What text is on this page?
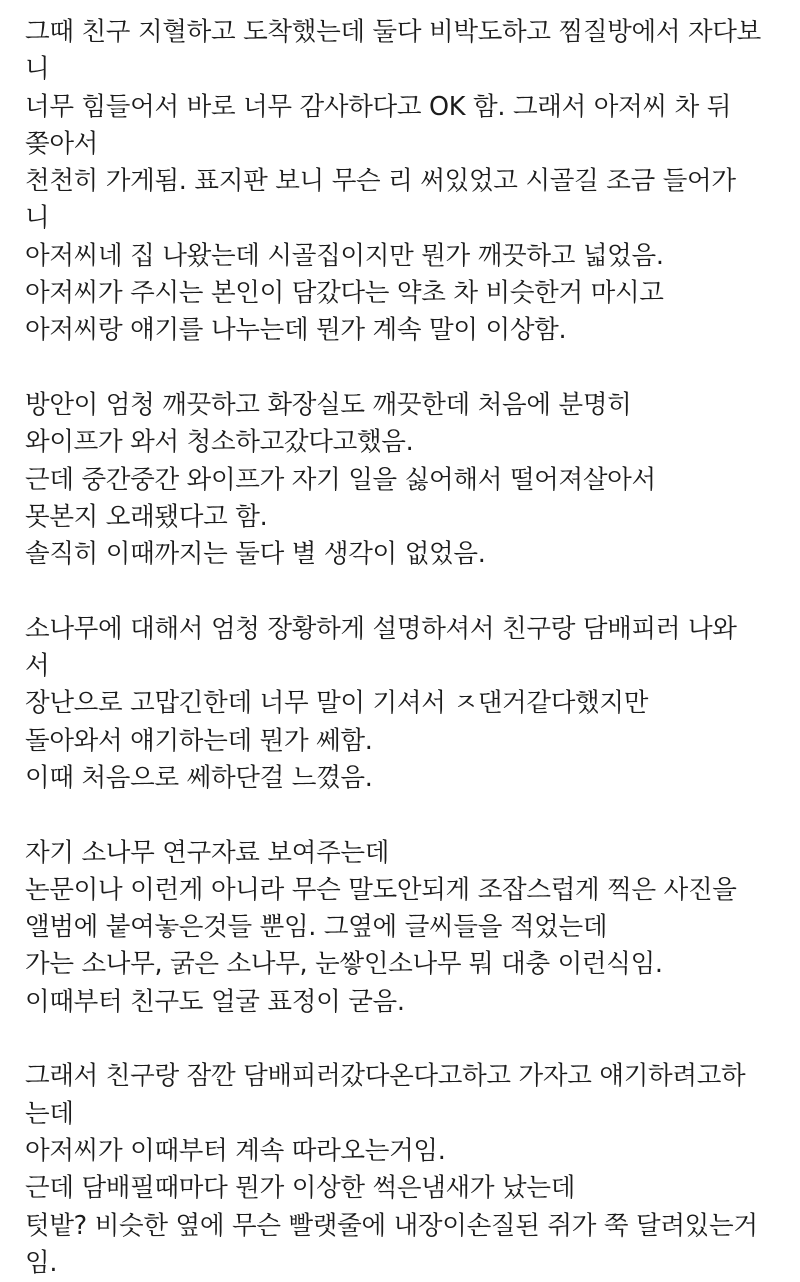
그때 친구 지혈하고 도착했는데 둘다 비박도하고 찜질방에서 자다보
니
너무 힘들어서 바로 너무 감사하다고 OK 함. 그래서 아저씨 차 뒤
쫒아서
천천히 가게됨. 표지판 보니 무슨 리 써있었고 시골길 조금 들어가
니
아저씨네 집 나왔는데 시골집이지만 뭔가 깨끗하고 넓었음.
아저씨가 주시는 본인이 담갔다는 약초 차 비슷한거 마시고
아저씨랑 얘기를 나누는데 뭔가 계속 말이 이상함.
방안이 엄청 깨끗하고 화장실도 깨끗한데 처음에 분명히
와이프가 와서 청소하고갔다고했음.
근데 중간중간 와이프가 자기 일을 싫어해서 떨어져살아서
못본지 오래됐다고 함.
솔직히 이때까지는 둘다 별 생각이 없었음.
소나무에 대해서 엄청 장황하게 설명하셔서 친구랑 담배피러 나와
서
장난으로 고맙긴한데 너무 말이 기셔서 ㅈ댄거같다했지만
돌아와서 얘기하는데 뭔가 쎄함.
이때 처음으로 쎄하단걸 느꼈음.
자기 소나무 연구자료 보여주는데
논문이나 이런게 아니라 무슨 말도안되게 조잡스럽게 찍은 사진을
앨범에 붙여놓은것들 뿐임. 그옆에 글씨들을 적었는데
가는 소나무, 굵은 소나무, 눈쌓인소나무 뭐 대충 이런식임.
이때부터 친구도 얼굴 표정이 굳음.
그래서 친구랑 잠깐 담배피러갔다온다고하고 가자고 얘기하려고하
는데
아저씨가 이때부터 계속 따라오는거임.
근데 담배필때마다 뭔가 이상한 썩은냄새가 났는데
텃밭? 비슷한 옆에 무슨 빨랫줄에 내장이손질된 쥐가 쭉 달려있는거
임.
